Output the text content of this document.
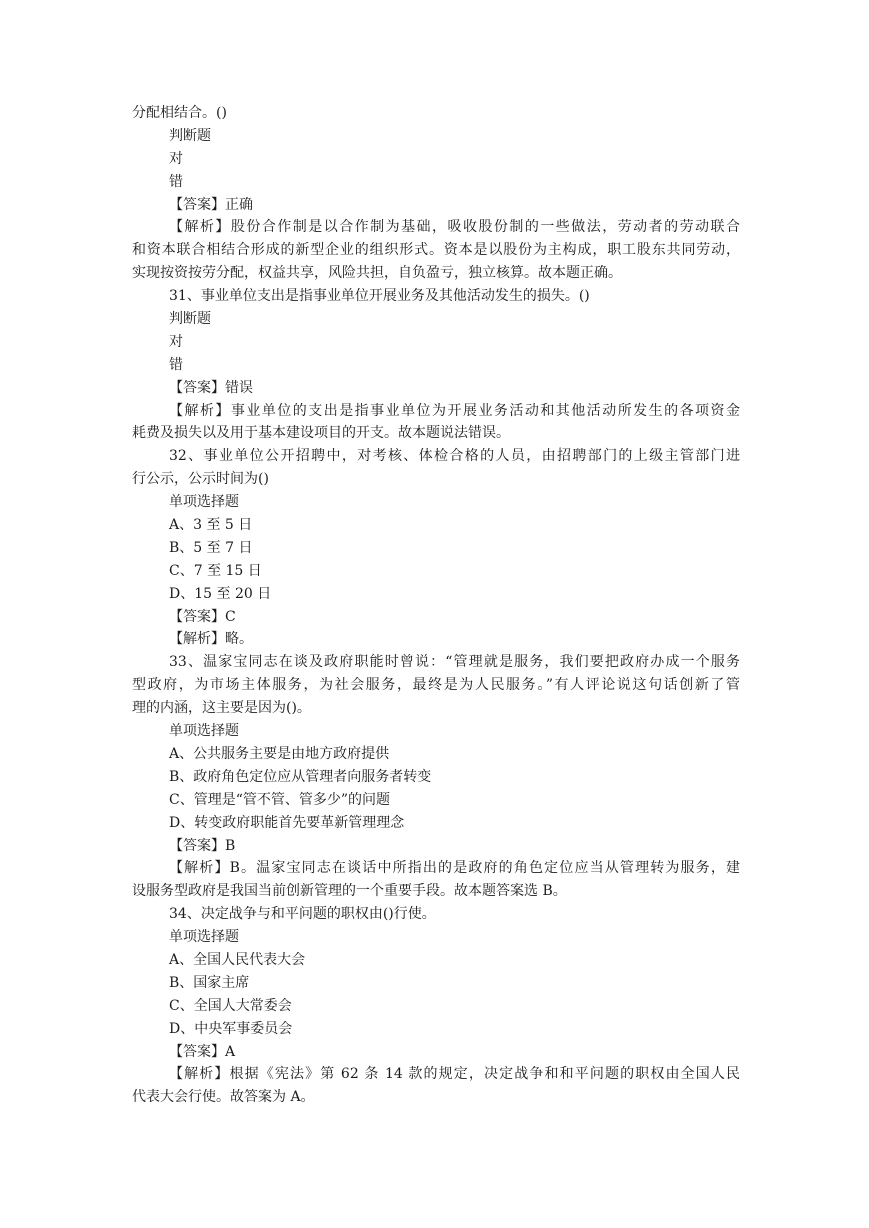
分配相结合。()
判断题
对
错
【答案】正确
【解析】股份合作制是以合作制为基础，吸收股份制的一些做法，劳动者的劳动联合
和资本联合相结合形成的新型企业的组织形式。资本是以股份为主构成，职工股东共同劳动，
实现按资按劳分配，权益共享，风险共担，自负盈亏，独立核算。故本题正确。
31、事业单位支出是指事业单位开展业务及其他活动发生的损失。()
判断题
对
错
【答案】错误
【解析】事业单位的支出是指事业单位为开展业务活动和其他活动所发生的各项资金
耗费及损失以及用于基本建设项目的开支。故本题说法错误。
32、事业单位公开招聘中，对考核、体检合格的人员，由招聘部门的上级主管部门进
行公示，公示时间为()
单项选择题
A、3 至 5 日
B、5 至 7 日
C、7 至 15 日
D、15 至 20 日
【答案】C
【解析】略。
33、温家宝同志在谈及政府职能时曾说：“管理就是服务，我们要把政府办成一个服务
型政府，为市场主体服务，为社会服务，最终是为人民服务。”有人评论说这句话创新了管
理的内涵，这主要是因为()。
单项选择题
A、公共服务主要是由地方政府提供
B、政府角色定位应从管理者向服务者转变
C、管理是“管不管、管多少”的问题
D、转变政府职能首先要革新管理理念
【答案】B
【解析】B。温家宝同志在谈话中所指出的是政府的角色定位应当从管理转为服务，建
设服务型政府是我国当前创新管理的一个重要手段。故本题答案选 B。
34、决定战争与和平问题的职权由()行使。
单项选择题
A、全国人民代表大会
B、国家主席
C、全国人大常委会
D、中央军事委员会
【答案】A
【解析】根据《宪法》第 62 条 14 款的规定，决定战争和和平问题的职权由全国人民
代表大会行使。故答案为 A。
